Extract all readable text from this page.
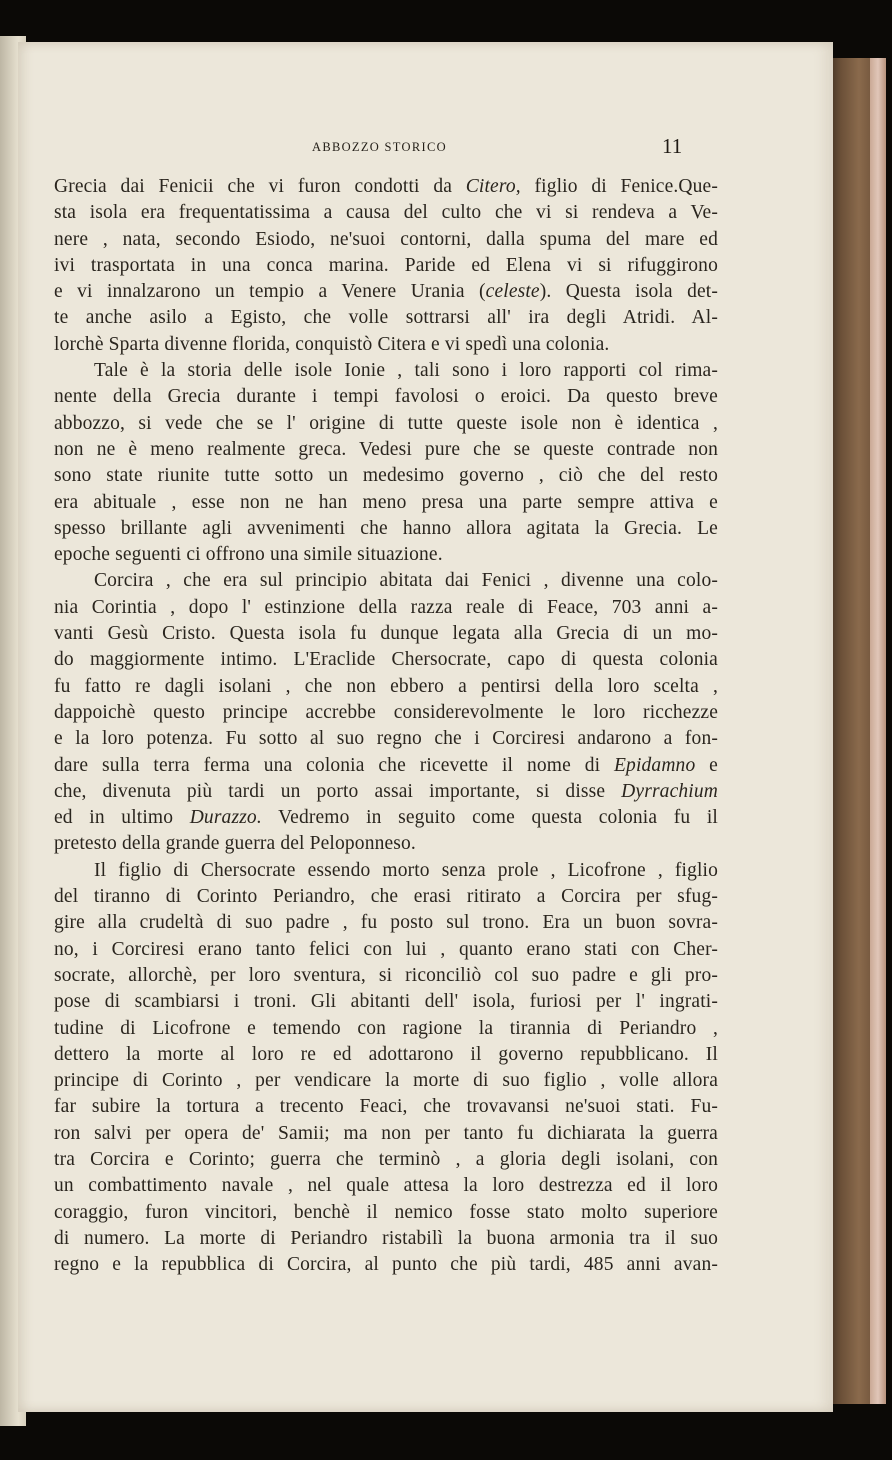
ABBOZZO STORICO	11
Grecia dai Fenicii che vi furon condotti da Citero, figlio di Fenice.Que-
sta isola era frequentatissima a causa del culto che vi si rendeva a Ve-
nere , nata, secondo Esiodo, ne'suoi contorni, dalla spuma del mare ed
ivi trasportata in una conca marina. Paride ed Elena vi si rifuggirono
e vi innalzarono un tempio a Venere Urania (celeste). Questa isola det-
te anche asilo a Egisto, che volle sottrarsi all' ira degli Atridi. Al-
lorchè Sparta divenne florida, conquistò Citera e vi spedì una colonia.
Tale è la storia delle isole Ionie , tali sono i loro rapporti col rima-
nente della Grecia durante i tempi favolosi o eroici. Da questo breve
abbozzo, si vede che se l' origine di tutte queste isole non è identica ,
non ne è meno realmente greca. Vedesi pure che se queste contrade non
sono state riunite tutte sotto un medesimo governo , ciò che del resto
era abituale , esse non ne han meno presa una parte sempre attiva e
spesso brillante agli avvenimenti che hanno allora agitata la Grecia. Le
epoche seguenti ci offrono una simile situazione.
Corcira , che era sul principio abitata dai Fenici , divenne una colo-
nia Corintia , dopo l' estinzione della razza reale di Feace, 703 anni a-
vanti Gesù Cristo. Questa isola fu dunque legata alla Grecia di un mo-
do maggiormente intimo. L'Eraclide Chersocrate, capo di questa colonia
fu fatto re dagli isolani , che non ebbero a pentirsi della loro scelta ,
dappoichè questo principe accrebbe considerevolmente le loro ricchezze
e la loro potenza. Fu sotto al suo regno che i Corciresi andarono a fon-
dare sulla terra ferma una colonia che ricevette il nome di Epidamno e
che, divenuta più tardi un porto assai importante, si disse Dyrrachium
ed in ultimo Durazzo. Vedremo in seguito come questa colonia fu il
pretesto della grande guerra del Peloponneso.
Il figlio di Chersocrate essendo morto senza prole , Licofrone , figlio
del tiranno di Corinto Periandro, che erasi ritirato a Corcira per sfug-
gire alla crudeltà di suo padre , fu posto sul trono. Era un buon sovra-
no, i Corciresi erano tanto felici con lui , quanto erano stati con Cher-
socrate, allorchè, per loro sventura, si riconciliò col suo padre e gli pro-
pose di scambiarsi i troni. Gli abitanti dell' isola, furiosi per l' ingrati-
tudine di Licofrone e temendo con ragione la tirannia di Periandro ,
dettero la morte al loro re ed adottarono il governo repubblicano. Il
principe di Corinto , per vendicare la morte di suo figlio , volle allora
far subire la tortura a trecento Feaci, che trovavansi ne'suoi stati. Fu-
ron salvi per opera de' Samii; ma non per tanto fu dichiarata la guerra
tra Corcira e Corinto; guerra che terminò , a gloria degli isolani, con
un combattimento navale , nel quale attesa la loro destrezza ed il loro
coraggio, furon vincitori, benchè il nemico fosse stato molto superiore
di numero. La morte di Periandro ristabilì la buona armonia tra il suo
regno e la repubblica di Corcira, al punto che più tardi, 485 anni avan-
